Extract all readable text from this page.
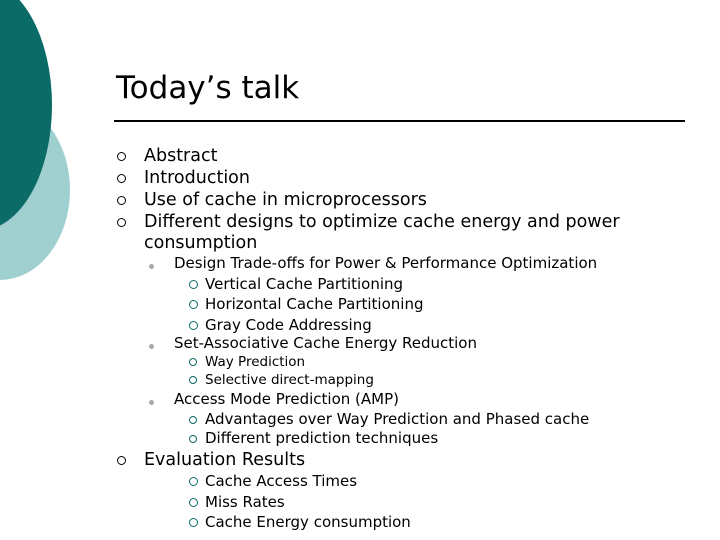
Today’s talk
Abstract
Introduction
Use of cache in microprocessors
Different designs to optimize cache energy and power
consumption
Design Trade-offs for Power & Performance Optimization
Vertical Cache Partitioning
Horizontal Cache Partitioning
Gray Code Addressing
Set-Associative Cache Energy Reduction
Way Prediction
Selective direct-mapping
Access Mode Prediction (AMP)
Advantages over Way Prediction and Phased cache
Different prediction techniques
Evaluation Results
Cache Access Times
Miss Rates
Cache Energy consumption
